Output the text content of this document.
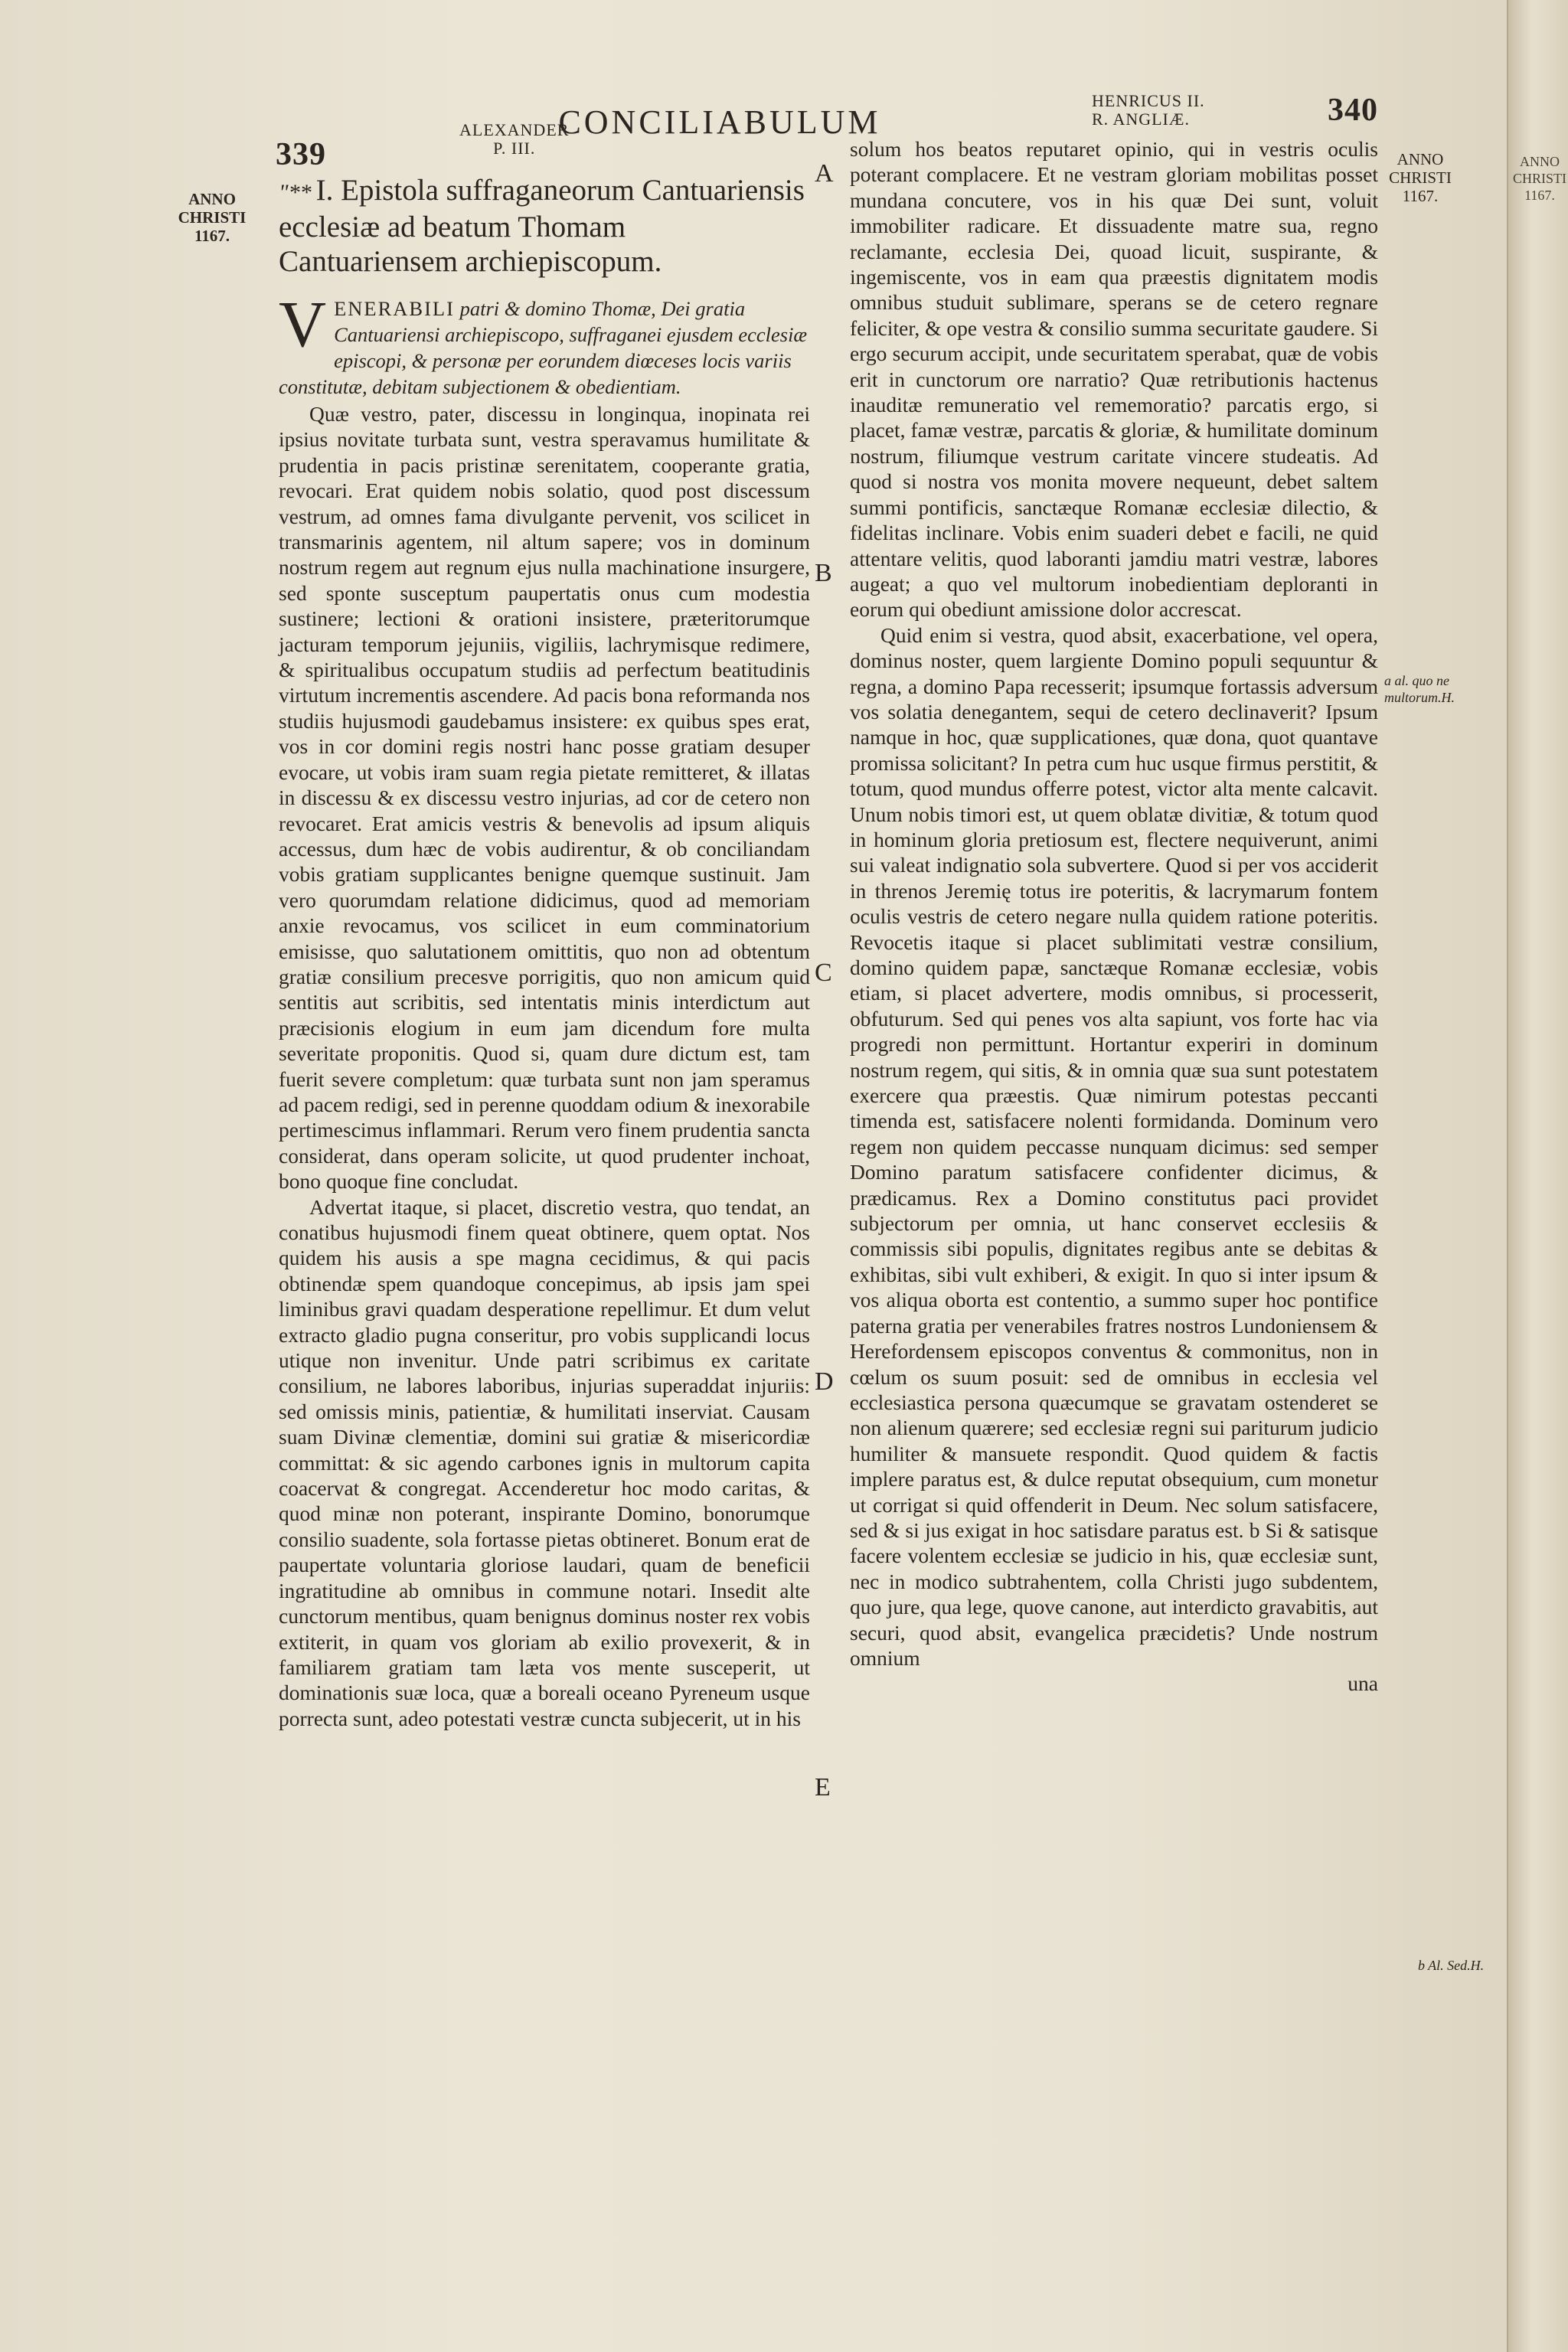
339
ALEXANDER
P. III.
CONCILIABULUM
HENRICUS II.
R. ANGLIÆ.	340
ANNO
CHRISTI
1167.
ANNO
CHRISTI
1167.
ANNO
CHRISTI
1167.
a al. quo ne multorum.H.
b Al. Sed.H.
A
B
C
D
E
"** I. Epistola suffraganeorum Cantuariensis ecclesiæ ad beatum Thomam Cantuariensem archiepiscopum.
VENERABILI patri & domino Thomæ, Dei gratia Cantuariensi archiepiscopo, suffraganei ejusdem ecclesiæ episcopi, & personæ per eorundem diœceses locis variis constitutæ, debitam subjectionem & obedientiam.

Quæ vestro, pater, discessu in longinqua, inopinata rei ipsius novitate turbata sunt, vestra speravamus humilitate & prudentia in pacis pristinæ serenitatem, cooperante gratia, revocari. Erat quidem nobis solatio, quod post discessum vestrum, ad omnes fama divulgante pervenit, vos scilicet in transmarinis agentem, nil altum sapere; vos in dominum nostrum regem aut regnum ejus nulla machinatione insurgere, sed sponte susceptum paupertatis onus cum modestia sustinere; lectioni & orationi insistere, præteritorumque jacturam temporum jejuniis, vigiliis, lachrymisque redimere, & spiritualibus occupatum studiis ad perfectum beatitudinis virtutum incrementis ascendere. Ad pacis bona reformanda nos studiis hujusmodi gaudebamus insistere: ex quibus spes erat, vos in cor domini regis nostri hanc posse gratiam desuper evocare, ut vobis iram suam regia pietate remitteret, & illatas in discessu & ex discessu vestro injurias, ad cor de cetero non revocaret. Erat amicis vestris & benevolis ad ipsum aliquis accessus, dum hæc de vobis audirentur, & ob conciliandam vobis gratiam supplicantes benigne quemque sustinuit. Jam vero quorumdam relatione didicimus, quod ad memoriam anxie revocamus, vos scilicet in eum comminatorium emisisse, quo salutationem omittitis, quo non ad obtentum gratiæ consilium precesve porrigitis, quo non amicum quid sentitis aut scribitis, sed intentatis minis interdictum aut præcisionis elogium in eum jam dicendum fore multa severitate proponitis. Quod si, quam dure dictum est, tam fuerit severe completum: quæ turbata sunt non jam speramus ad pacem redigi, sed in perenne quoddam odium & inexorabile pertimescimus inflammari. Rerum vero finem prudentia sancta considerat, dans operam solicite, ut quod prudenter inchoat, bono quoque fine concludat.

Advertat itaque, si placet, discretio vestra, quo tendat, an conatibus hujusmodi finem queat obtinere, quem optat. Nos quidem his ausis a spe magna cecidimus, & qui pacis obtinendæ spem quandoque concepimus, ab ipsis jam spei liminibus gravi quadam desperatione repellimur. Et dum velut extracto gladio pugna conseritur, pro vobis supplicandi locus utique non invenitur. Unde patri scribimus ex caritate consilium, ne labores laboribus, injurias superaddat injuriis: sed omissis minis, patientiæ, & humilitati inserviat. Causam suam Divinæ clementiæ, domini sui gratiæ & misericordiæ committat: & sic agendo carbones ignis in multorum capita coacervat & congregat. Accenderetur hoc modo caritas, & quod minæ non poterant, inspirante Domino, bonorumque consilio suadente, sola fortasse pietas obtineret. Bonum erat de paupertate voluntaria gloriose laudari, quam de beneficii ingratitudine ab omnibus in commune notari. Insedit alte cunctorum mentibus, quam benignus dominus noster rex vobis extiterit, in quam vos gloriam ab exilio provexerit, & in familiarem gratiam tam læta vos mente susceperit, ut dominationis suæ loca, quæ a boreali oceano Pyreneum usque porrecta sunt, adeo potestati vestræ cuncta subjecerit, ut in his

solum hos beatos reputaret opinio, qui in vestris oculis poterant complacere. Et ne vestram gloriam mobilitas posset mundana concutere, vos in his quæ Dei sunt, voluit immobiliter radicare. Et dissuadente matre sua, regno reclamante, ecclesia Dei, quoad licuit, suspirante, & ingemiscente, vos in eam qua præestis dignitatem modis omnibus studuit sublimare, sperans se de cetero regnare feliciter, & ope vestra & consilio summa securitate gaudere. Si ergo securum accipit, unde securitatem sperabat, quæ de vobis erit in cunctorum ore narratio? Quæ retributionis hactenus inauditæ remuneratio vel rememoratio? parcatis ergo, si placet, famæ vestræ, parcatis & gloriæ, & humilitate dominum nostrum, filiumque vestrum caritate vincere studeatis. Ad quod si nostra vos monita movere nequeunt, debet saltem summi pontificis, sanctæque Romanæ ecclesiæ dilectio, & fidelitas inclinare. Vobis enim suaderi debet e facili, ne quid attentare velitis, quod laboranti jamdiu matri vestræ, labores augeat; a quo vel multorum inobedientiam deploranti in eorum qui obediunt amissione dolor accrescat.

Quid enim si vestra, quod absit, exacerbatione, vel opera, dominus noster, quem largiente Domino populi sequuntur & regna, a domino Papa recesserit; ipsumque fortassis adversum vos solatia denegantem, sequi de cetero declinaverit? Ipsum namque in hoc, quæ supplicationes, quæ dona, quot quantave promissa solicitant? In petra cum huc usque firmus perstitit, & totum, quod mundus offerre potest, victor alta mente calcavit. Unum nobis timori est, ut quem oblatæ divitiæ, & totum quod in hominum gloria pretiosum est, flectere nequiverunt, animi sui valeat indignatio sola subvertere. Quod si per vos acciderit in threnos Jeremię totus ire poteritis, & lacrymarum fontem oculis vestris de cetero negare nulla quidem ratione poteritis. Revocetis itaque si placet sublimitati vestræ consilium, domino quidem papæ, sanctæque Romanæ ecclesiæ, vobis etiam, si placet advertere, modis omnibus, si processerit, obfuturum. Sed qui penes vos alta sapiunt, vos forte hac via progredi non permittunt. Hortantur experiri in dominum nostrum regem, qui sitis, & in omnia quæ sua sunt potestatem exercere qua præestis. Quæ nimirum potestas peccanti timenda est, satisfacere nolenti formidanda. Dominum vero regem non quidem peccasse nunquam dicimus: sed semper Domino paratum satisfacere confidenter dicimus, & prædicamus. Rex a Domino constitutus paci providet subjectorum per omnia, ut hanc conservet ecclesiis & commissis sibi populis, dignitates regibus ante se debitas & exhibitas, sibi vult exhiberi, & exigit. In quo si inter ipsum & vos aliqua oborta est contentio, a summo super hoc pontifice paterna gratia per venerabiles fratres nostros Lundoniensem & Herefordensem episcopos conventus & commonitus, non in cœlum os suum posuit: sed de omnibus in ecclesia vel ecclesiastica persona quæcumque se gravatam ostenderet se non alienum quærere; sed ecclesiæ regni sui pariturum judicio humiliter & mansuete respondit. Quod quidem & factis implere paratus est, & dulce reputat obsequium, cum monetur ut corrigat si quid offenderit in Deum. Nec solum satisfacere, sed & si jus exigat in hoc satisdare paratus est. b Si & satisque facere volentem ecclesiæ se judicio in his, quæ ecclesiæ sunt, nec in modico subtrahentem, colla Christi jugo subdentem, quo jure, qua lege, quove canone, aut interdicto gravabitis, aut securi, quod absit, evangelica præcidetis? Unde nostrum omnium

una
